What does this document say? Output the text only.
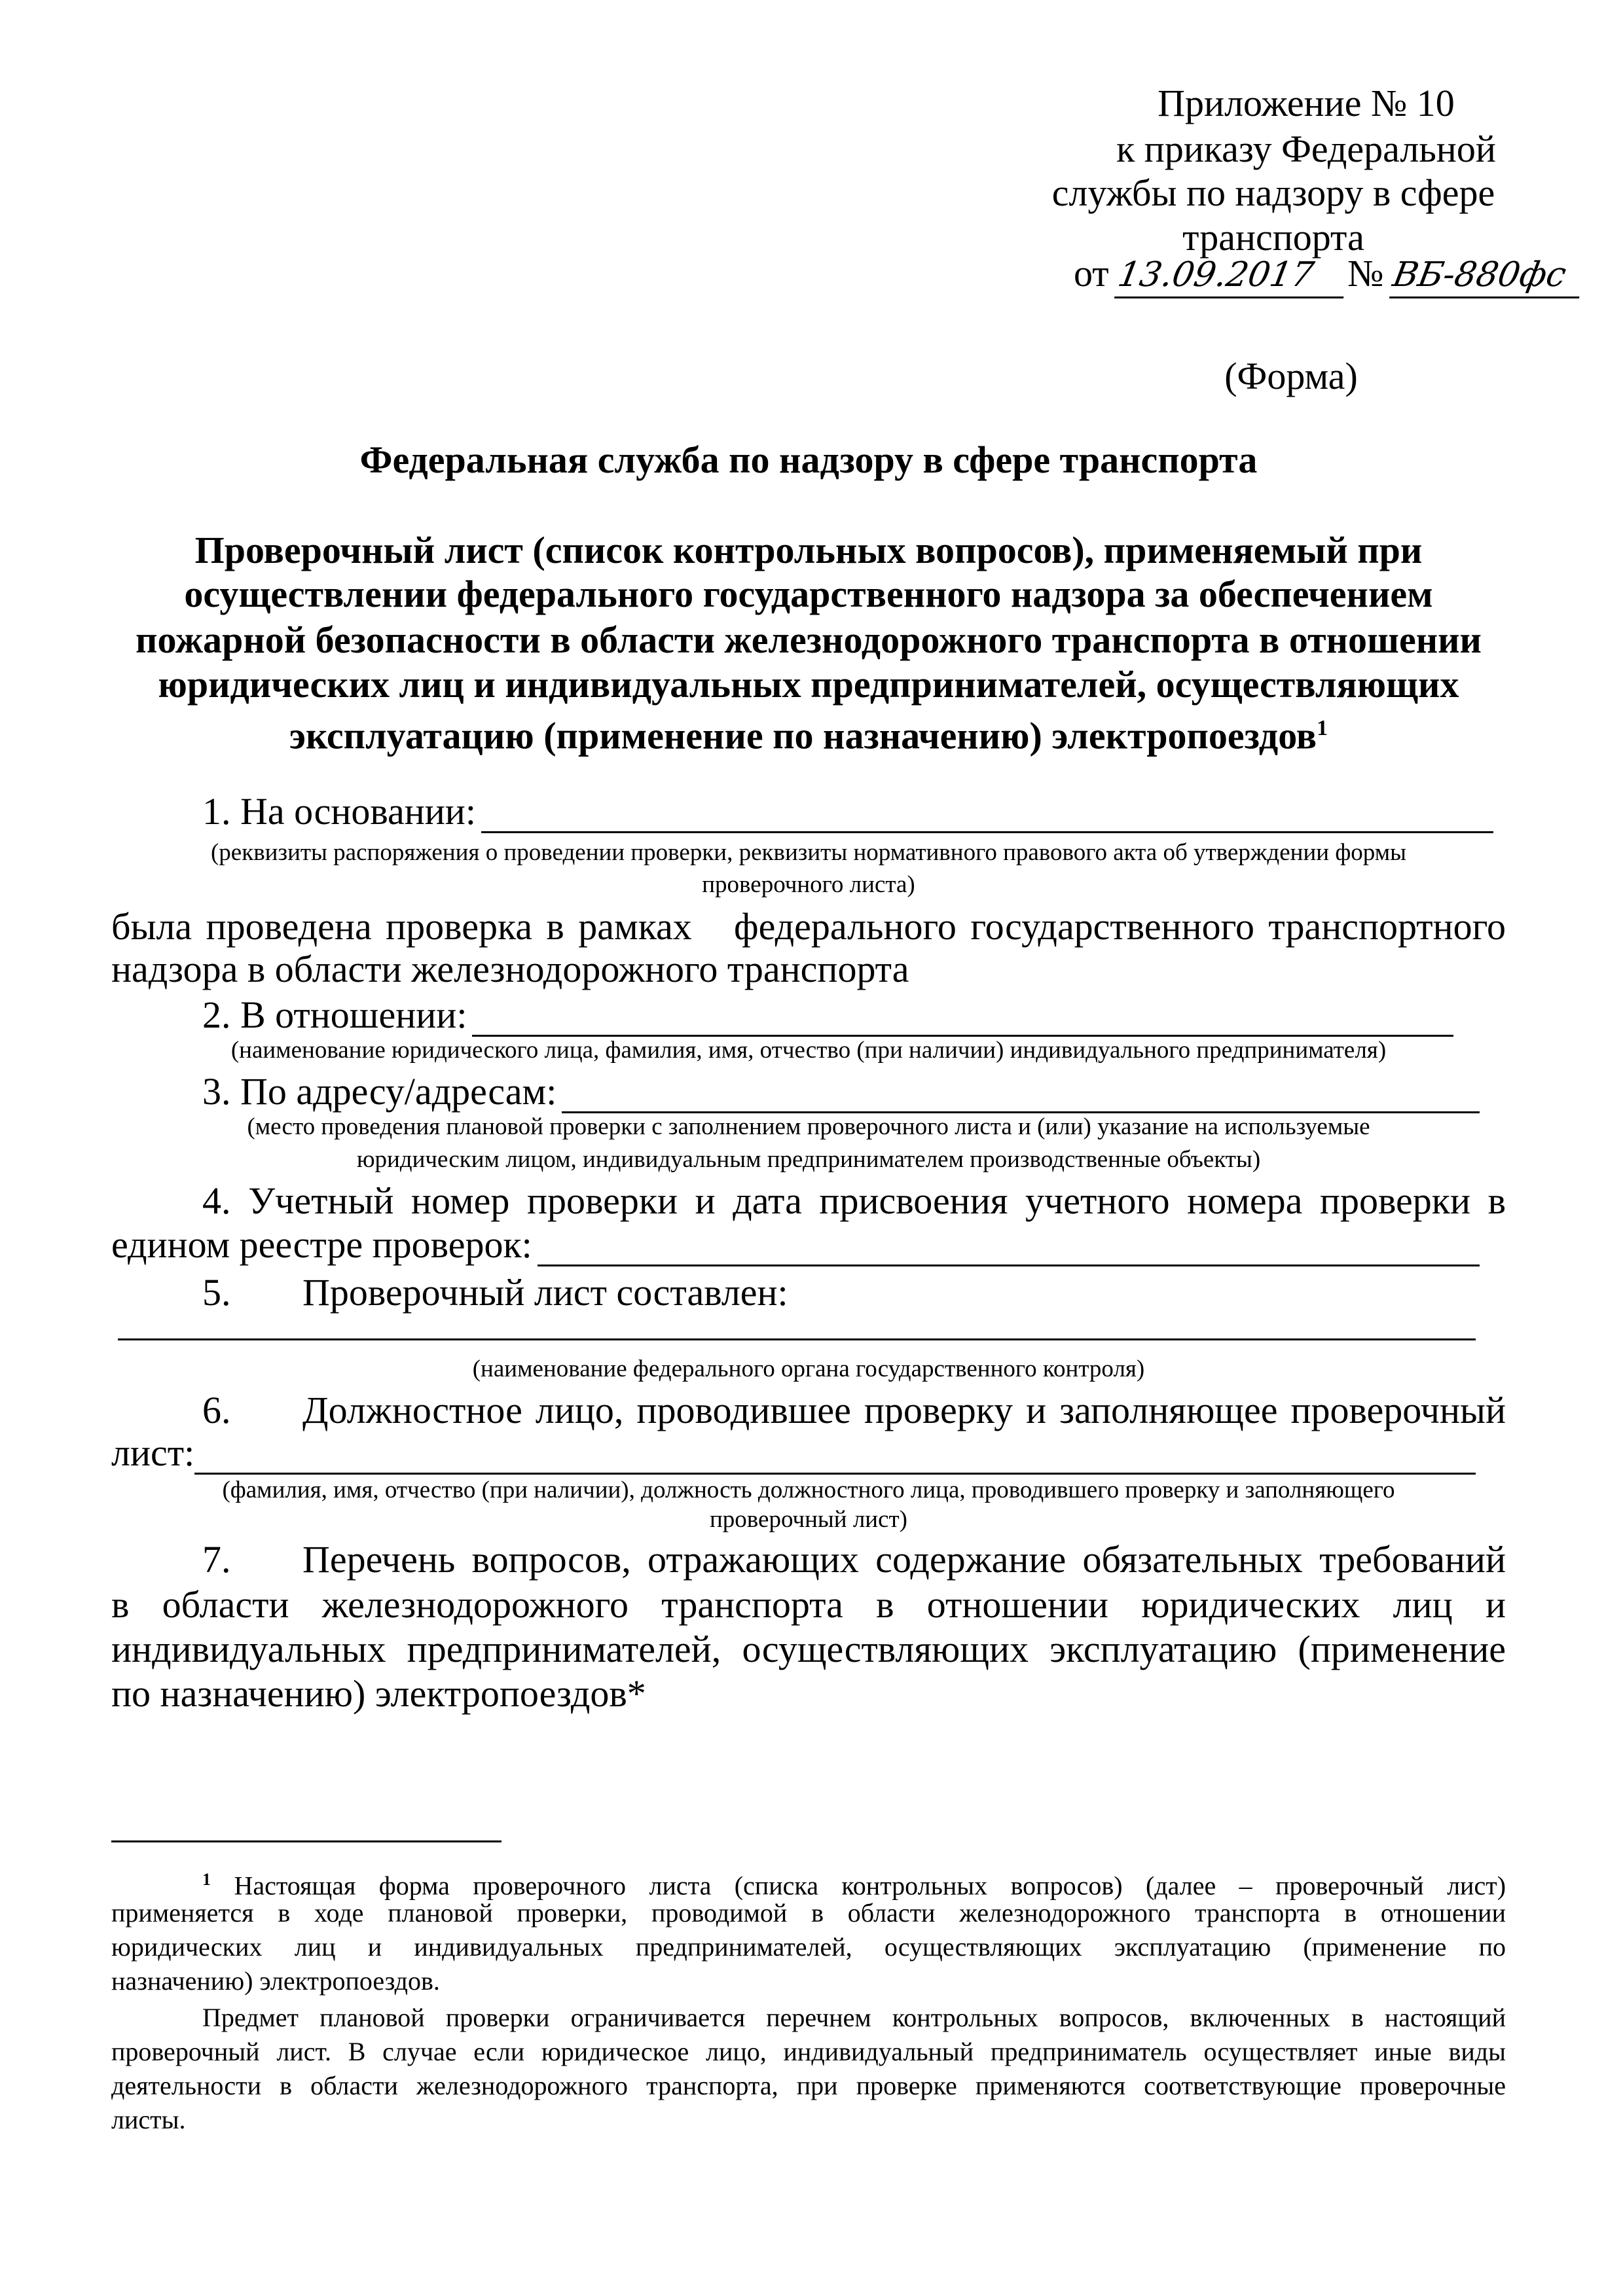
Приложение № 10
к приказу Федеральной
службы по надзору в сфере
транспорта
от 13.09.2017 № ВБ-880фс
(Форма)
Федеральная служба по надзору в сфере транспорта
Проверочный лист (список контрольных вопросов), применяемый при
осуществлении федерального государственного надзора за обеспечением
пожарной безопасности в области железнодорожного транспорта в отношении
юридических лиц и индивидуальных предпринимателей, осуществляющих
эксплуатацию (применение по назначению) электропоездов$^1$
1. На основании:
(реквизиты распоряжения о проведении проверки, реквизиты нормативного правового акта об утверждении формы
проверочного листа)
была проведена проверка в рамках   федерального государственного транспортного
надзора в области железнодорожного транспорта
2. В отношении:
(наименование юридического лица, фамилия, имя, отчество (при наличии) индивидуального предпринимателя)
3. По адресу/адресам:
(место проведения плановой проверки с заполнением проверочного листа и (или) указание на используемые
юридическим лицом, индивидуальным предпринимателем производственные объекты)
4. Учетный номер проверки и дата присвоения учетного номера проверки в
едином реестре проверок:
5. Проверочный лист составлен:
(наименование федерального органа государственного контроля)
6. Должностное лицо, проводившее проверку и заполняющее проверочный
лист:
(фамилия, имя, отчество (при наличии), должность должностного лица, проводившего проверку и заполняющего
проверочный лист)
7. Перечень вопросов, отражающих содержание обязательных требований
в области железнодорожного транспорта в отношении юридических лиц и
индивидуальных предпринимателей, осуществляющих эксплуатацию (применение
по назначению) электропоездов*
$^1$ Настоящая форма проверочного листа (списка контрольных вопросов) (далее – проверочный лист)
применяется в ходе плановой проверки, проводимой в области железнодорожного транспорта в отношении
юридических лиц и индивидуальных предпринимателей, осуществляющих эксплуатацию (применение по
назначению) электропоездов.
Предмет плановой проверки ограничивается перечнем контрольных вопросов, включенных в настоящий
проверочный лист. В случае если юридическое лицо, индивидуальный предприниматель осуществляет иные виды
деятельности в области железнодорожного транспорта, при проверке применяются соответствующие проверочные
листы.
